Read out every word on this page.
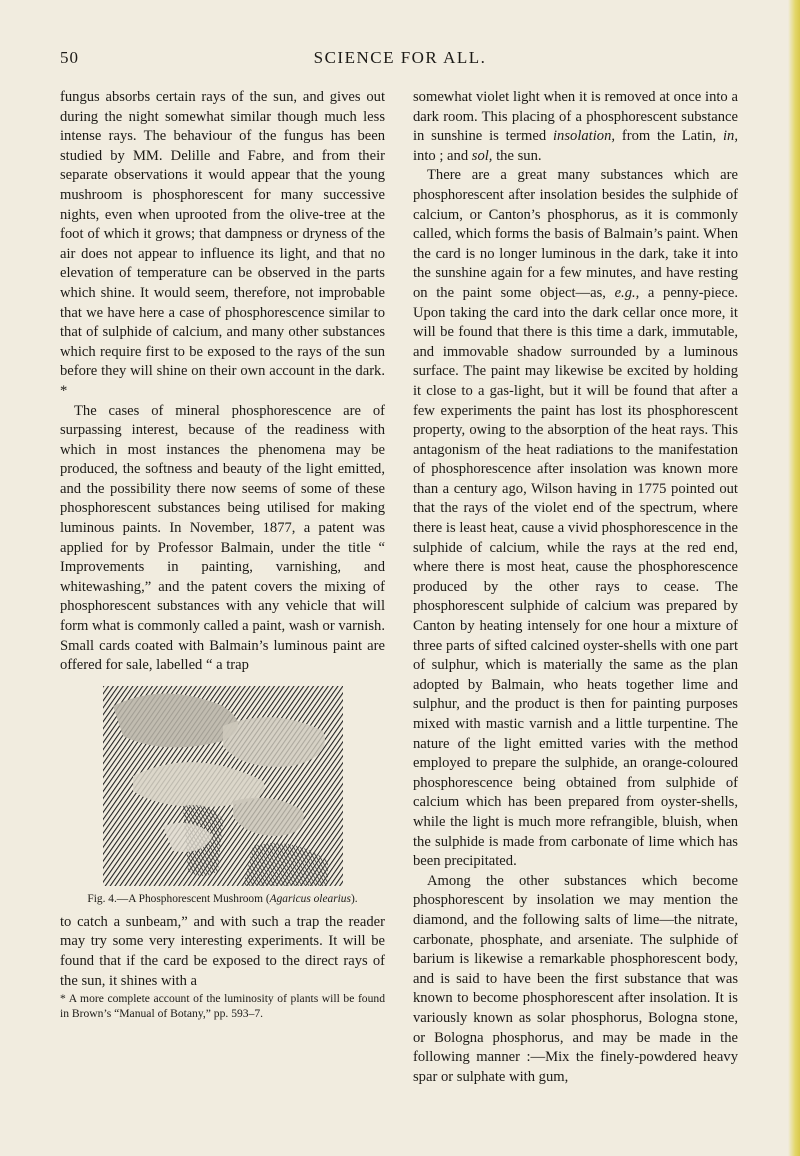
50	SCIENCE FOR ALL.

fungus absorbs certain rays of the sun, and gives out during the night somewhat similar though much less intense rays. The behaviour of the fungus has been studied by MM. Delille and Fabre, and from their separate observations it would appear that the young mushroom is phosphorescent for many successive nights, even when uprooted from the olive-tree at the foot of which it grows; that dampness or dryness of the air does not appear to influence its light, and that no elevation of temperature can be observed in the parts which shine. It would seem, therefore, not improbable that we have here a case of phosphorescence similar to that of sulphide of calcium, and many other substances which require first to be exposed to the rays of the sun before they will shine on their own account in the dark. *

The cases of mineral phosphorescence are of surpassing interest, because of the readiness with which in most instances the phenomena may be produced, the softness and beauty of the light emitted, and the possibility there now seems of some of these phosphorescent substances being utilised for making luminous paints. In November, 1877, a patent was applied for by Professor Balmain, under the title “ Improvements in painting, varnishing, and whitewashing,” and the patent covers the mixing of phosphorescent substances with any vehicle that will form what is commonly called a paint, wash or varnish. Small cards coated with Balmain’s luminous paint are offered for sale, labelled “ a trap

Fig. 4.—A Phosphorescent Mushroom (Agaricus olearius).

to catch a sunbeam,” and with such a trap the reader may try some very interesting experiments. It will be found that if the card be exposed to the direct rays of the sun, it shines with a

* A more complete account of the luminosity of plants will be found in Brown’s “Manual of Botany,” pp. 593–7.

somewhat violet light when it is removed at once into a dark room. This placing of a phosphorescent substance in sunshine is termed insolation, from the Latin, in, into ; and sol, the sun.

There are a great many substances which are phosphorescent after insolation besides the sulphide of calcium, or Canton’s phosphorus, as it is commonly called, which forms the basis of Balmain’s paint. When the card is no longer luminous in the dark, take it into the sunshine again for a few minutes, and have resting on the paint some object—as, e.g., a penny-piece. Upon taking the card into the dark cellar once more, it will be found that there is this time a dark, immutable, and immovable shadow surrounded by a luminous surface. The paint may likewise be excited by holding it close to a gas-light, but it will be found that after a few experiments the paint has lost its phosphorescent property, owing to the absorption of the heat rays. This antagonism of the heat radiations to the manifestation of phosphorescence after insolation was known more than a century ago, Wilson having in 1775 pointed out that the rays of the violet end of the spectrum, where there is least heat, cause a vivid phosphorescence in the sulphide of calcium, while the rays at the red end, where there is most heat, cause the phosphorescence produced by the other rays to cease. The phosphorescent sulphide of calcium was prepared by Canton by heating intensely for one hour a mixture of three parts of sifted calcined oyster-shells with one part of sulphur, which is materially the same as the plan adopted by Balmain, who heats together lime and sulphur, and the product is then for painting purposes mixed with mastic varnish and a little turpentine. The nature of the light emitted varies with the method employed to prepare the sulphide, an orange-coloured phosphorescence being obtained from sulphide of calcium which has been prepared from oyster-shells, while the light is much more refrangible, bluish, when the sulphide is made from carbonate of lime which has been precipitated.

Among the other substances which become phosphorescent by insolation we may mention the diamond, and the following salts of lime—the nitrate, carbonate, phosphate, and arseniate. The sulphide of barium is likewise a remarkable phosphorescent body, and is said to have been the first substance that was known to become phosphorescent after insolation. It is variously known as solar phosphorus, Bologna stone, or Bologna phosphorus, and may be made in the following manner :—Mix the finely-powdered heavy spar or sulphate with gum,
